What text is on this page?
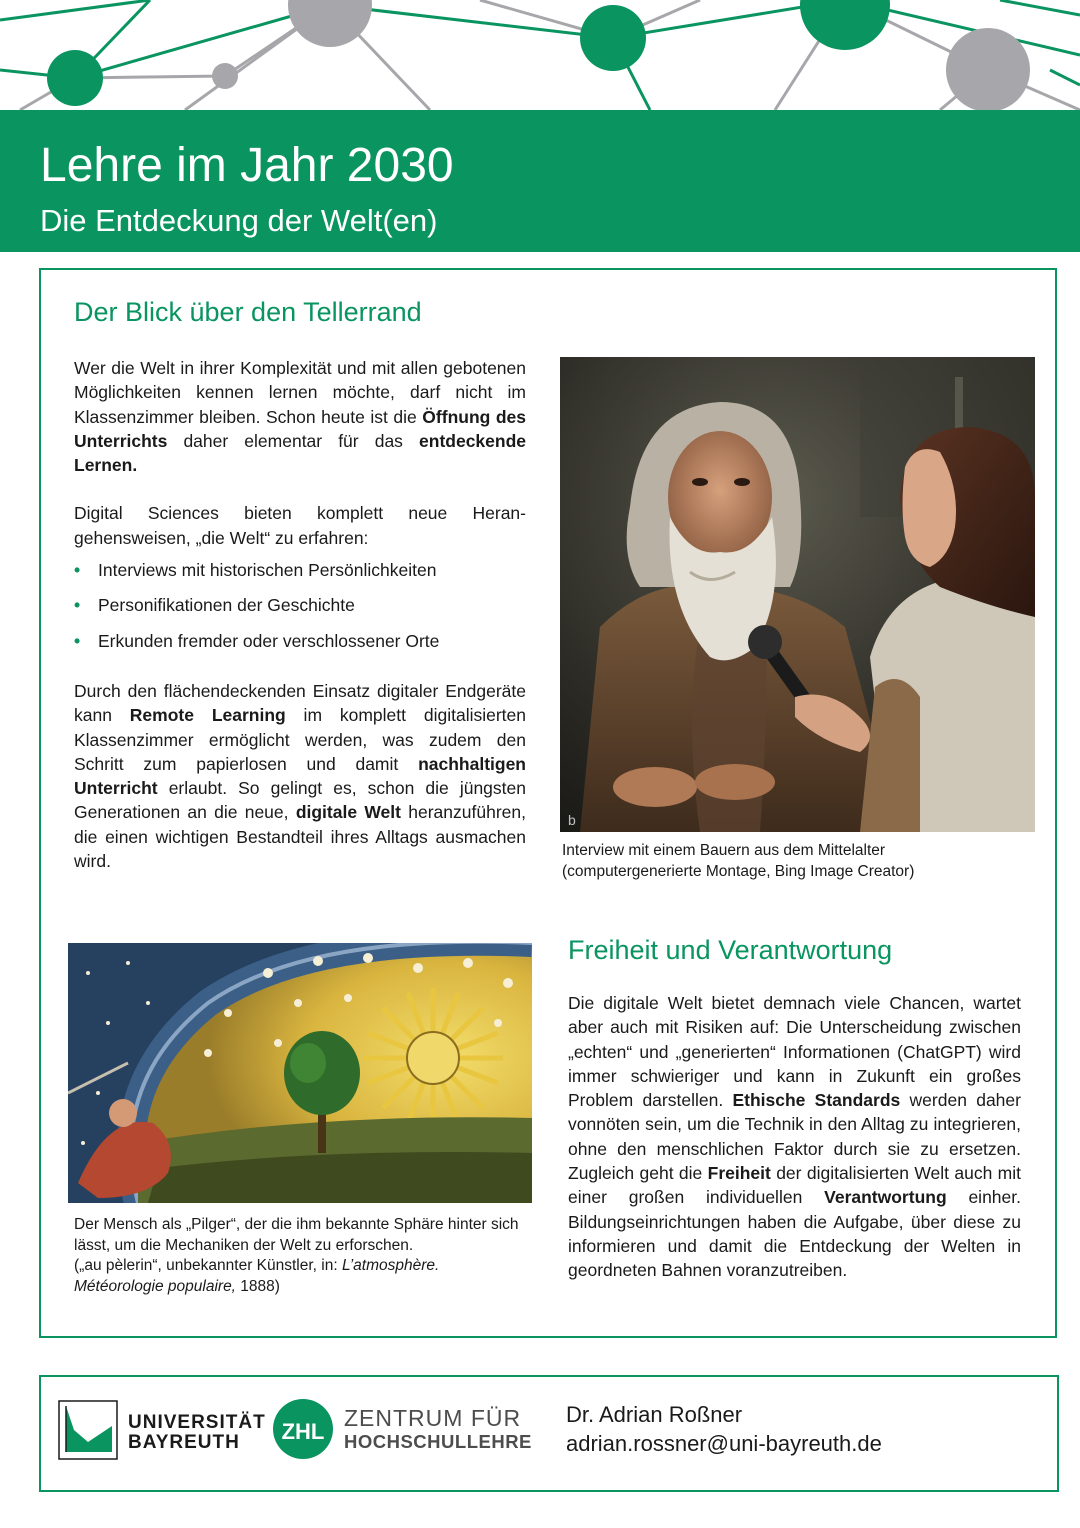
Lehre im Jahr 2030
Die Entdeckung der Welt(en)
Der Blick über den Tellerrand

Wer die Welt in ihrer Komplexität und mit allen gebotenen Möglichkeiten kennen lernen möchte, darf nicht im Klassenzimmer bleiben. Schon heute ist die Öffnung des Unterrichts daher elementar für das entdeckende Lernen.

Digital Sciences bieten komplett neue Herangehensweisen, „die Welt“ zu erfahren:

• Interviews mit historischen Persönlichkeiten
• Personifikationen der Geschichte
• Erkunden fremder oder verschlossener Orte

Durch den flächendeckenden Einsatz digitaler Endgeräte kann Remote Learning im komplett digitalisierten Klassenzimmer ermöglicht werden, was zudem den Schritt zum papierlosen und damit nachhaltigen Unterricht erlaubt. So gelingt es, schon die jüngsten Generationen an die neue, digitale Welt heranzuführen, die einen wichtigen Bestandteil ihres Alltags ausmachen wird.

b
Interview mit einem Bauern aus dem Mittelalter
(computergenerierte Montage, Bing Image Creator)
Der Mensch als „Pilger“, der die ihm bekannte Sphäre hinter sich lässt, um die Mechaniken der Welt zu erforschen.
(„au pèlerin“, unbekannter Künstler, in: L’atmosphère. Météorologie populaire, 1888)
Freiheit und Verantwortung

Die digitale Welt bietet demnach viele Chancen, wartet aber auch mit Risiken auf: Die Unterscheidung zwischen „echten“ und „generierten“ Informationen (ChatGPT) wird immer schwieriger und kann in Zukunft ein großes Problem darstellen. Ethische Standards werden daher vonnöten sein, um die Technik in den Alltag zu integrieren, ohne den menschlichen Faktor durch sie zu ersetzen. Zugleich geht die Freiheit der digitalisierten Welt auch mit einer großen individuellen Verantwortung einher. Bildungseinrichtungen haben die Aufgabe, über diese zu informieren und damit die Entdeckung der Welten in geordneten Bahnen voranzutreiben.

UNIVERSITÄT
BAYREUTH	ZHL
ZENTRUM FÜR
HOCHSCHULLEHRE
Dr. Adrian Roßner
adrian.rossner@uni-bayreuth.de
